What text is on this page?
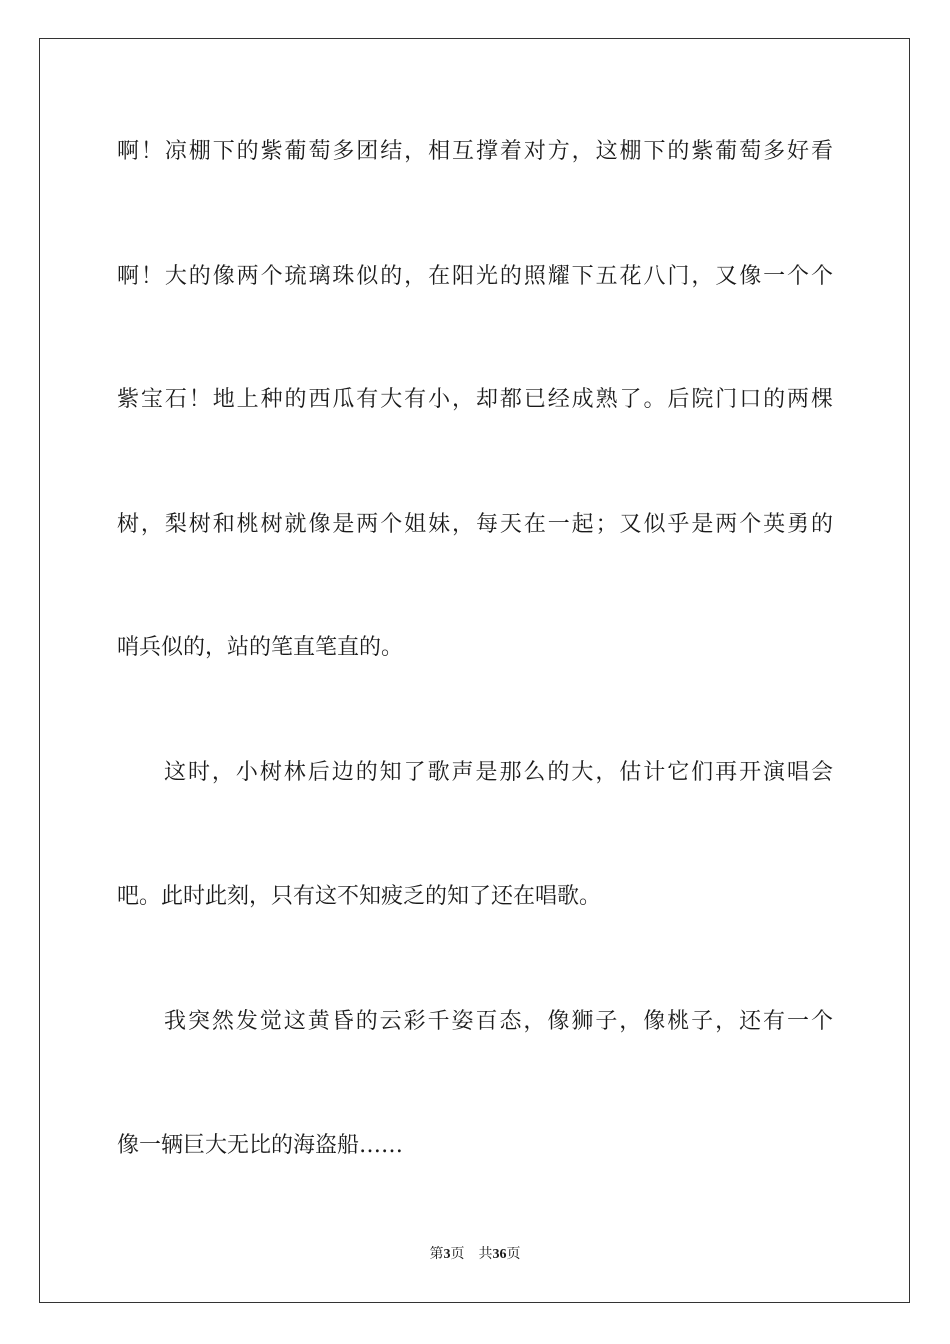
啊！凉棚下的紫葡萄多团结，相互撑着对方，这棚下的紫葡萄多好看
啊！大的像两个琉璃珠似的，在阳光的照耀下五花八门，又像一个个
紫宝石！地上种的西瓜有大有小，却都已经成熟了。后院门口的两棵
树，梨树和桃树就像是两个姐妹，每天在一起；又似乎是两个英勇的
哨兵似的，站的笔直笔直的。
这时，小树林后边的知了歌声是那么的大，估计它们再开演唱会
吧。此时此刻，只有这不知疲乏的知了还在唱歌。
我突然发觉这黄昏的云彩千姿百态，像狮子，像桃子，还有一个
像一辆巨大无比的海盗船……
第3页 共36页
